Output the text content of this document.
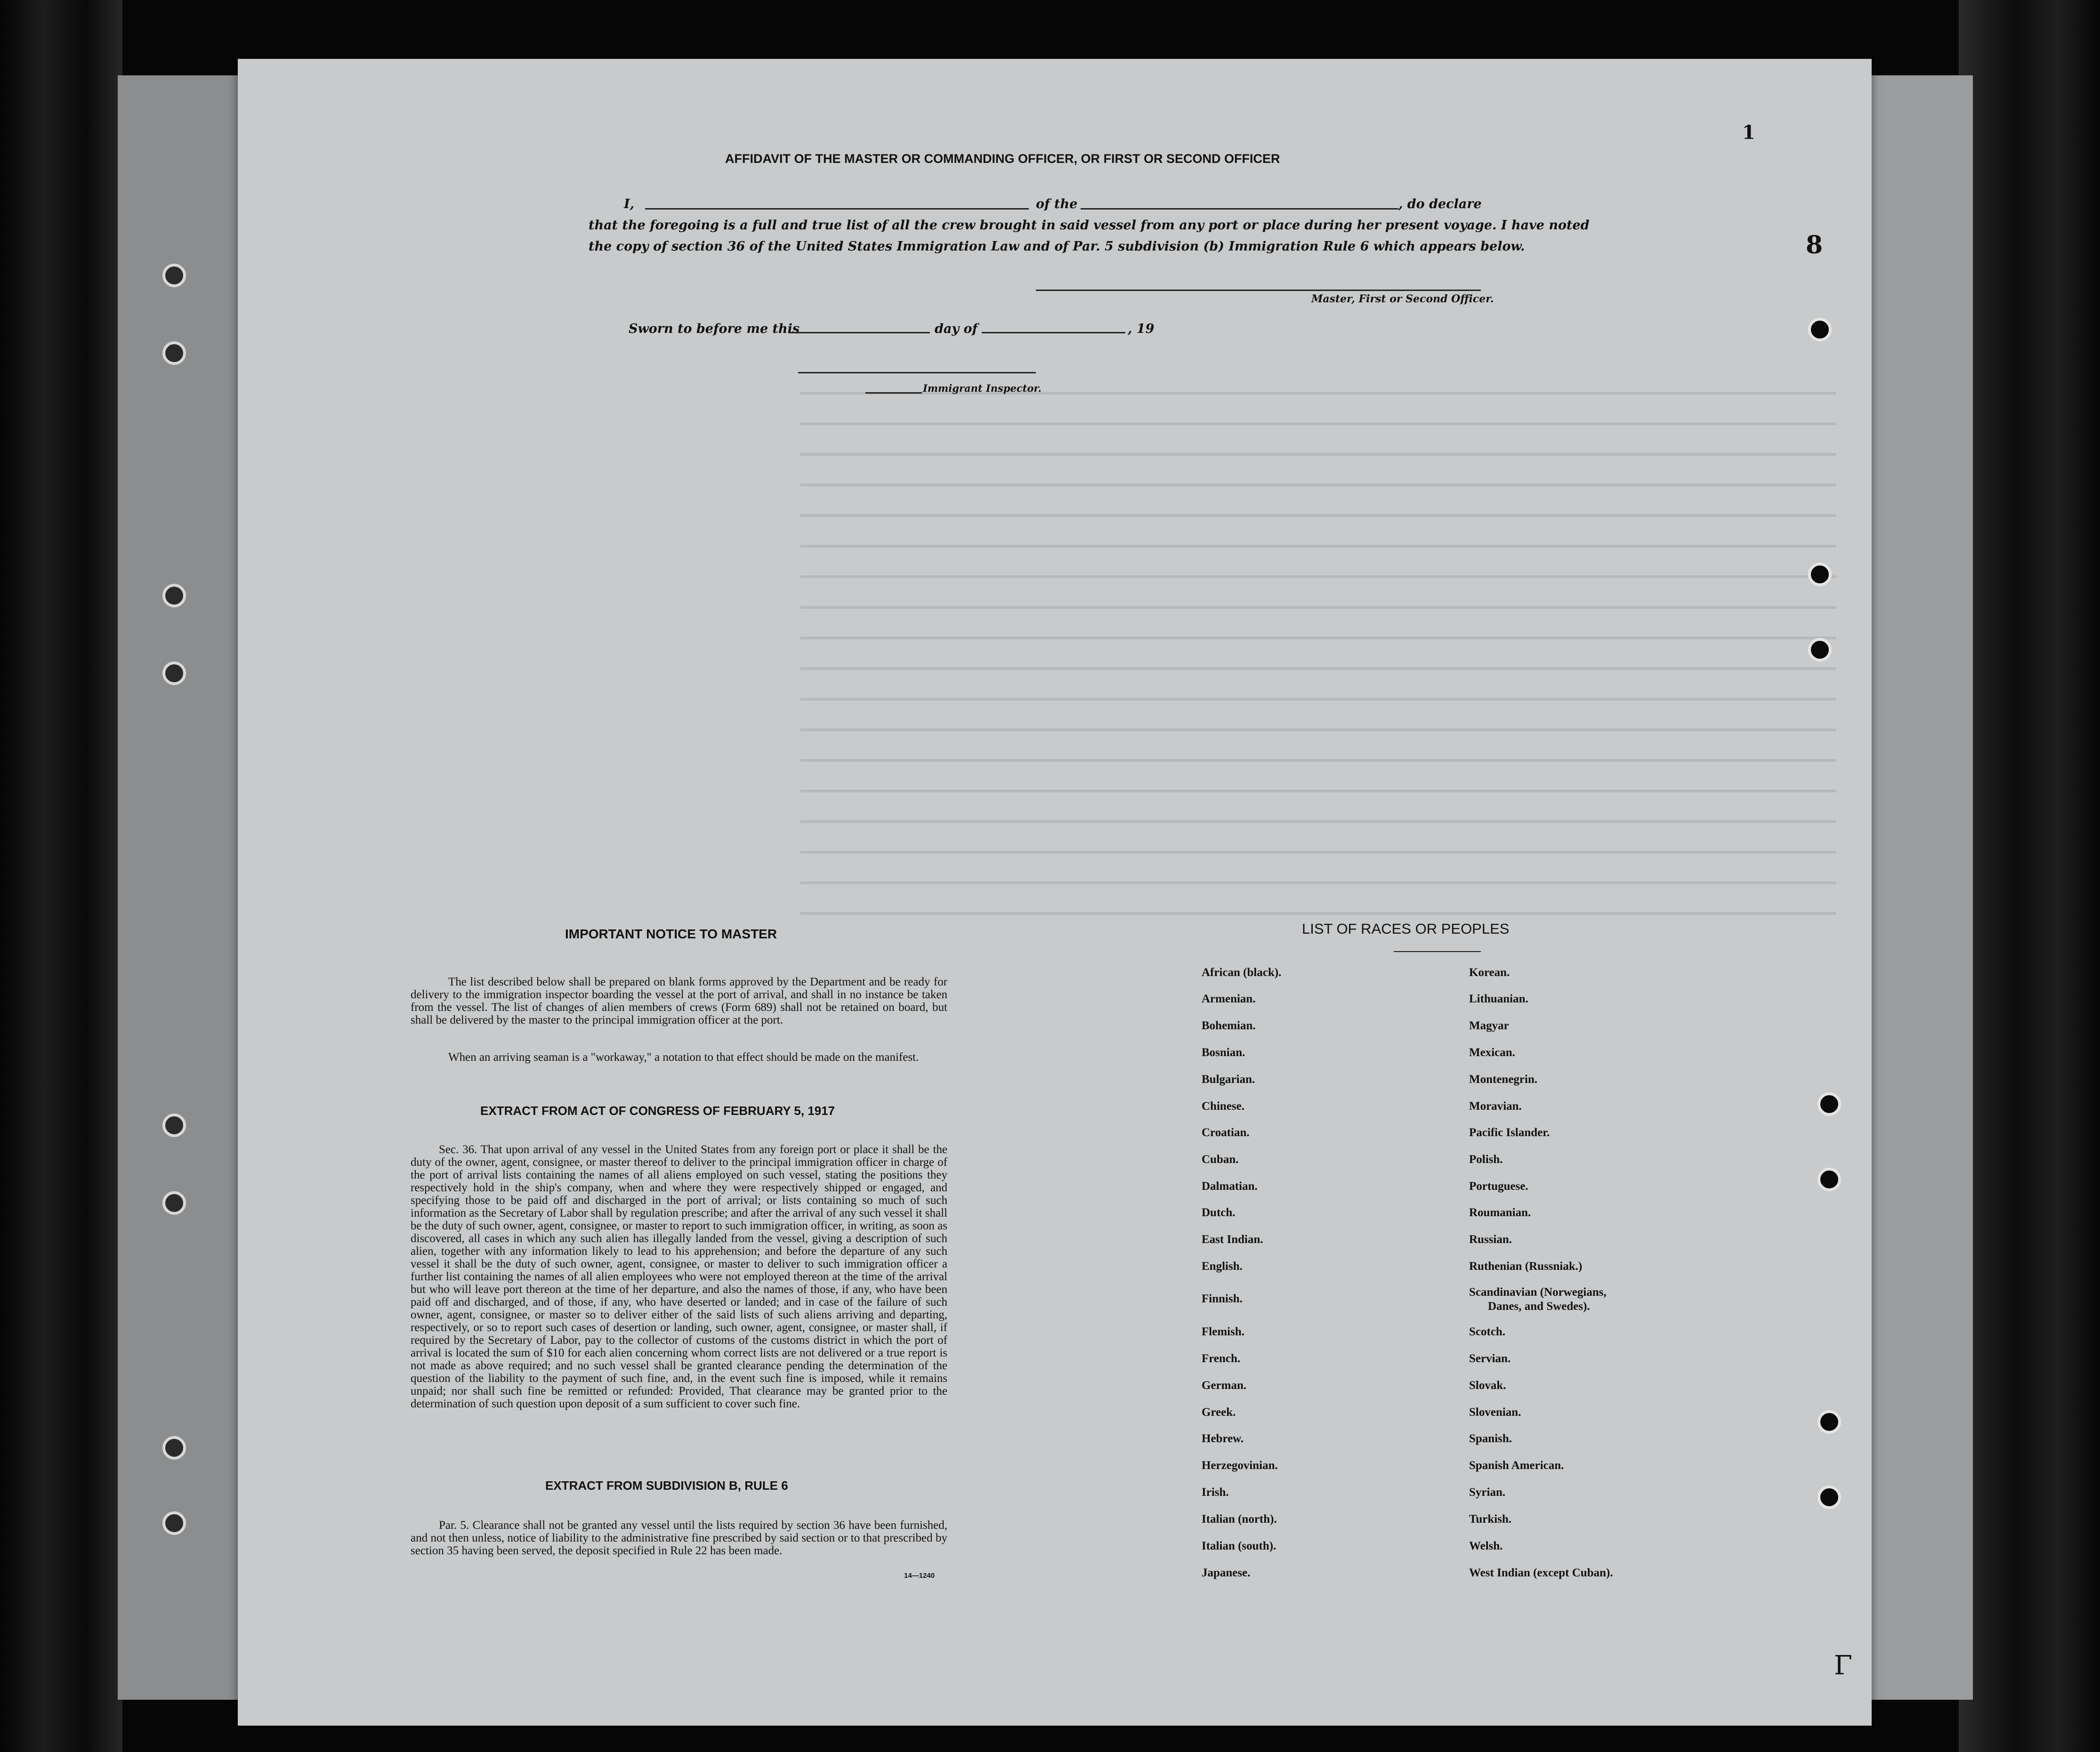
1
8
Γ
AFFIDAVIT OF THE MASTER OR COMMANDING OFFICER, OR FIRST OR SECOND OFFICER
I,	of the	, do declare
that the foregoing is a full and true list of all the crew brought in said vessel from any port or place during her present voyage. I have noted
the copy of section 36 of the United States Immigration Law and of Par. 5 subdivision (b) Immigration Rule 6 which appears below.
Master, First or Second Officer.
Sworn to before me this	day of	, 19
Immigrant Inspector.
IMPORTANT NOTICE TO MASTER
The list described below shall be prepared on blank forms approved by the Department and be ready for delivery to the immigration inspector boarding the vessel at the port of arrival, and shall in no instance be taken from the vessel. The list of changes of alien members of crews (Form 689) shall not be retained on board, but shall be delivered by the master to the principal immigration officer at the port.
When an arriving seaman is a "workaway," a notation to that effect should be made on the manifest.
EXTRACT FROM ACT OF CONGRESS OF FEBRUARY 5, 1917
Sec. 36. That upon arrival of any vessel in the United States from any foreign port or place it shall be the duty of the owner, agent, consignee, or master thereof to deliver to the principal immigration officer in charge of the port of arrival lists containing the names of all aliens employed on such vessel, stating the positions they respectively hold in the ship's company, when and where they were respectively shipped or engaged, and specifying those to be paid off and discharged in the port of arrival; or lists containing so much of such information as the Secretary of Labor shall by regulation prescribe; and after the arrival of any such vessel it shall be the duty of such owner, agent, consignee, or master to report to such immigration officer, in writing, as soon as discovered, all cases in which any such alien has illegally landed from the vessel, giving a description of such alien, together with any information likely to lead to his apprehension; and before the departure of any such vessel it shall be the duty of such owner, agent, consignee, or master to deliver to such immigration officer a further list containing the names of all alien employees who were not employed thereon at the time of the arrival but who will leave port thereon at the time of her departure, and also the names of those, if any, who have been paid off and discharged, and of those, if any, who have deserted or landed; and in case of the failure of such owner, agent, consignee, or master so to deliver either of the said lists of such aliens arriving and departing, respectively, or so to report such cases of desertion or landing, such owner, agent, consignee, or master shall, if required by the Secretary of Labor, pay to the collector of customs of the customs district in which the port of arrival is located the sum of $10 for each alien concerning whom correct lists are not delivered or a true report is not made as above required; and no such vessel shall be granted clearance pending the determination of the question of the liability to the payment of such fine, and, in the event such fine is imposed, while it remains unpaid; nor shall such fine be remitted or refunded: Provided, That clearance may be granted prior to the determination of such question upon deposit of a sum sufficient to cover such fine.
EXTRACT FROM SUBDIVISION B, RULE 6
Par. 5. Clearance shall not be granted any vessel until the lists required by section 36 have been furnished, and not then unless, notice of liability to the administrative fine prescribed by said section or to that prescribed by section 35 having been served, the deposit specified in Rule 22 has been made.
14—1240
LIST OF RACES OR PEOPLES
African (black).
Armenian.
Bohemian.
Bosnian.
Bulgarian.
Chinese.
Croatian.
Cuban.
Dalmatian.
Dutch.
East Indian.
English.
Finnish.
Flemish.
French.
German.
Greek.
Hebrew.
Herzegovinian.
Irish.
Italian (north).
Italian (south).
Japanese.
Korean.
Lithuanian.
Magyar
Mexican.
Montenegrin.
Moravian.
Pacific Islander.
Polish.
Portuguese.
Roumanian.
Russian.
Ruthenian (Russniak.)
Scandinavian (Norwegians,
Danes, and Swedes).
Scotch.
Servian.
Slovak.
Slovenian.
Spanish.
Spanish American.
Syrian.
Turkish.
Welsh.
West Indian (except Cuban).
